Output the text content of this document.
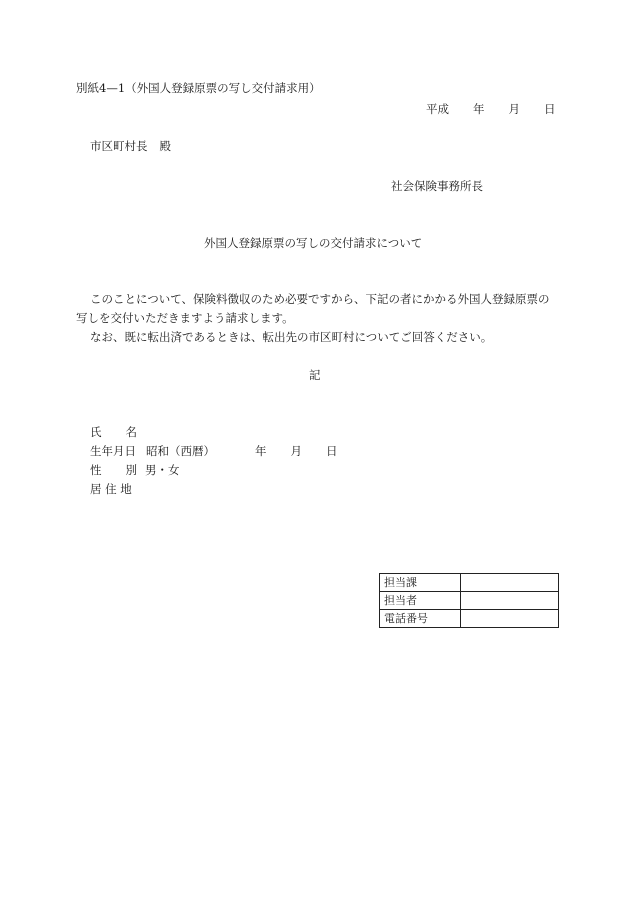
別紙4—1（外国人登録原票の写し交付請求用）
平成 年 月 日
市区町村長 殿
社会保険事務所長
外国人登録原票の写しの交付請求について
このことについて、保険料徴収のため必要ですから、下記の者にかかる外国人登録原票の
写しを交付いただきますよう請求します。
なお、既に転出済であるときは、転出先の市区町村についてご回答ください。
記
氏 名
生年月日 昭和（西暦）	年 月 日
性 別 男・女
居 住 地
担当課	
担当者	
電話番号	
